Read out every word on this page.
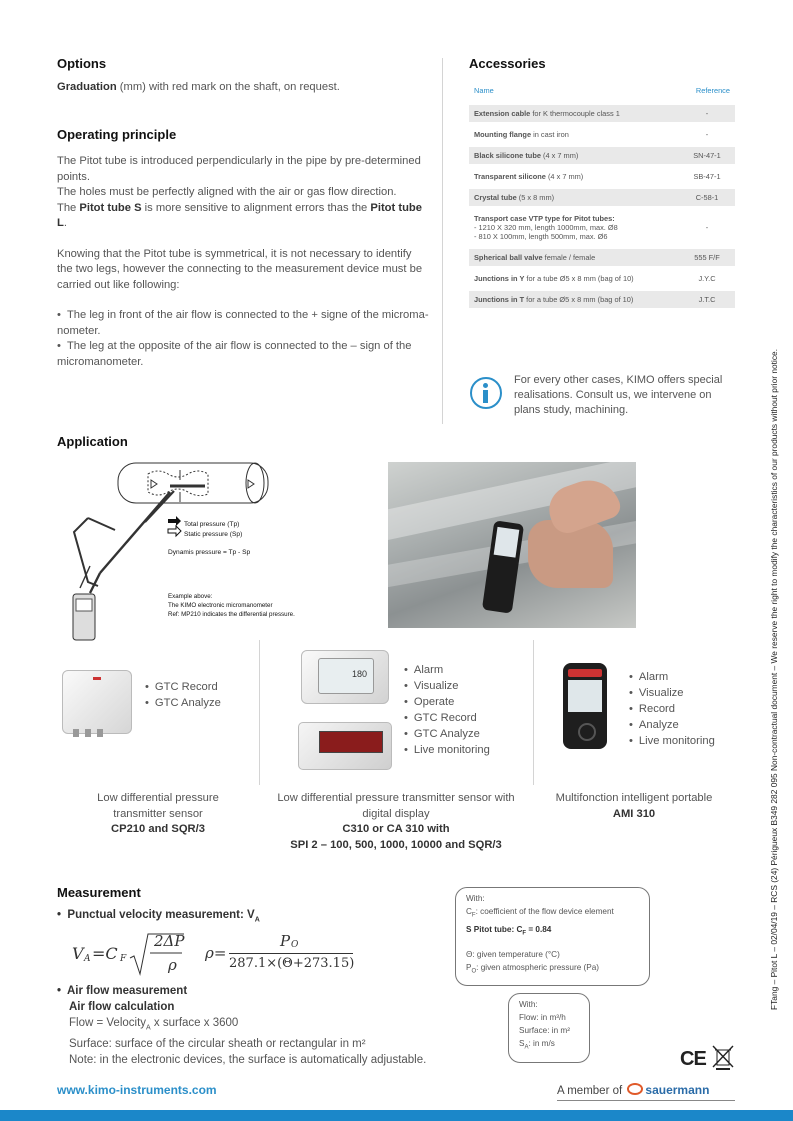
Options
Graduation (mm) with red mark on the shaft, on request.
Operating principle
The Pitot tube is introduced perpendicularly in the pipe by pre-determined points.
The holes must be perfectly aligned with the air or gas flow direction.
The Pitot tube S is more sensitive to alignment errors thas the Pitot tube L.
Knowing that the Pitot tube is symmetrical, it is not necessary to identify the two legs, however the connecting to the measurement device must be carried out like following:
•  The leg in front of the air flow is connected to the + signe of the microma-nometer.
•  The leg at the opposite of the air flow is connected to the – sign of the micromanometer.
Accessories
Name	Reference
Extension cable for K thermocouple class 1	-
Mounting flange in cast iron	-
Black silicone tube (4 x 7 mm)	SN-47-1
Transparent silicone (4 x 7 mm)	SB-47-1
Crystal tube (5 x 8 mm)	C-58-1
Transport case VTP type for Pitot tubes:
- 1210 X 320 mm, length 1000mm, max. Ø8
- 810 X 100mm, length 500mm, max. Ø6	-
Spherical ball valve female / female	555 F/F
Junctions in Y for a tube Ø5 x 8 mm (bag of 10)	J.Y.C
Junctions in T for a tube Ø5 x 8 mm (bag of 10)	J.T.C
For every other cases, KIMO offers special realisations. Consult us, we intervene on plans study, machining.
Application
Total pressure (Tp)
Static pressure (Sp)
Dynamis pressure = Tp - Sp
Example above:
The KIMO electronic micromanometer
Ref: MP210 indicates the differential pressure.
• GTC Record
• GTC Analyze
Low differential pressure
transmitter sensor
CP210 and SQR/3
180	• Alarm
• Visualize
• Operate
• GTC Record
• GTC Analyze
• Live monitoring
Low differential pressure transmitter sensor with
digital display
C310 or CA 310 with
SPI 2 – 100, 500, 1000, 10000 and SQR/3
• Alarm
• Visualize
• Record
• Analyze
• Live monitoring
Multifonction intelligent portable
AMI 310
Measurement
•  Punctual velocity measurement: $V_A$
V A =C F
2ΔP
ρ
ρ=
P O
287.1×(Θ+273.15)
•  Air flow measurement
Air flow calculation
Flow = Velocity$_A$ x surface x 3600
Surface: surface of the circular sheath or rectangular in m²
Note: in the electronic devices, the surface is automatically adjustable.
With:
$C_F$: coefficient of the flow device element
S Pitot tube: $C_F = 0.84$
Θ: given temperature (°C)
$P_O$: given atmospheric pressure (Pa)
With:
Flow: in m³/h
Surface: in m²
$S_A$: in m/s
CE
www.kimo-instruments.com	A member of sauermann
FTang – Pitot L – 02/04/19 – RCS (24) Périgueux B349 282 095 Non-contractual document – We reserve the right to modify the characteristics of our products without prior notice.
